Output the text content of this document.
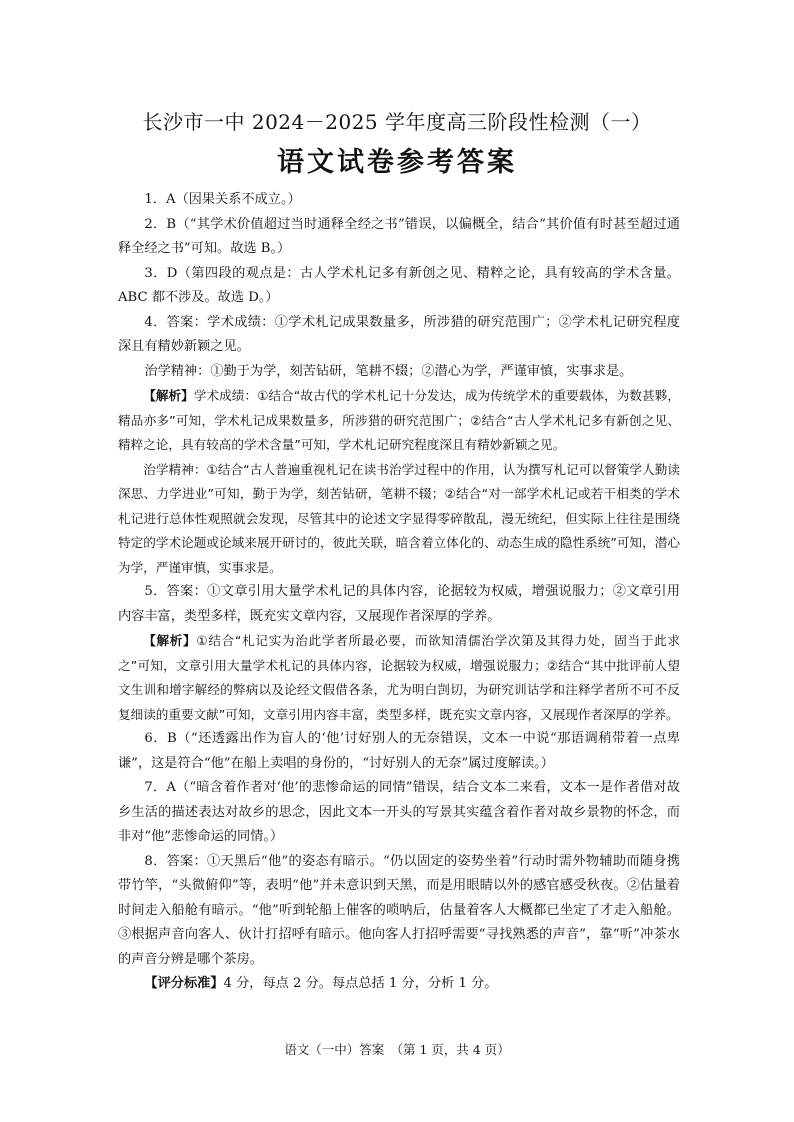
长沙市一中 2024－2025 学年度高三阶段性检测（一）
语文试卷参考答案

1．A（因果关系不成立。）

2．B（“其学术价值超过当时通释全经之书”错误，以偏概全，结合“其价值有时甚至超过通释全经之书”可知。故选 B。）

3．D（第四段的观点是：古人学术札记多有新创之见、精粹之论，具有较高的学术含量。ABC 都不涉及。故选 D。）

4．答案：学术成绩：①学术札记成果数量多，所涉猎的研究范围广；②学术札记研究程度深且有精妙新颖之见。

治学精神：①勤于为学，刻苦钻研，笔耕不辍；②潜心为学，严谨审慎，实事求是。

【解析】学术成绩：①结合“故古代的学术札记十分发达，成为传统学术的重要载体，为数甚夥，精品亦多”可知，学术札记成果数量多，所涉猎的研究范围广；②结合“古人学术札记多有新创之见、精粹之论，具有较高的学术含量”可知，学术札记研究程度深且有精妙新颖之见。

治学精神：①结合“古人普遍重视札记在读书治学过程中的作用，认为撰写札记可以督策学人勤读深思、力学进业”可知，勤于为学，刻苦钻研，笔耕不辍；②结合“对一部学术札记或若干相类的学术札记进行总体性观照就会发现，尽管其中的论述文字显得零碎散乱，漫无统纪，但实际上往往是围绕特定的学术论题或论域来展开研讨的，彼此关联，暗含着立体化的、动态生成的隐性系统”可知，潜心为学，严谨审慎，实事求是。

5．答案：①文章引用大量学术札记的具体内容，论据较为权威，增强说服力；②文章引用内容丰富，类型多样，既充实文章内容，又展现作者深厚的学养。

【解析】①结合“札记实为治此学者所最必要，而欲知清儒治学次第及其得力处，固当于此求之”可知，文章引用大量学术札记的具体内容，论据较为权威，增强说服力；②结合“其中批评前人望文生训和增字解经的弊病以及论经文假借各条，尤为明白剀切，为研究训诂学和注释学者所不可不反复细读的重要文献”可知，文章引用内容丰富，类型多样，既充实文章内容，又展现作者深厚的学养。

6．B（“还透露出作为盲人的‘他’讨好别人的无奈错误，文本一中说“那语调稍带着一点卑谦”，这是符合“他”在船上卖唱的身份的，“讨好别人的无奈”属过度解读。）

7．A（“暗含着作者对‘他’的悲惨命运的同情”错误，结合文本二来看，文本一是作者借对故乡生活的描述表达对故乡的思念，因此文本一开头的写景其实蕴含着作者对故乡景物的怀念，而非对“他”悲惨命运的同情。）

8．答案：①天黑后“他”的姿态有暗示。“仍以固定的姿势坐着”行动时需外物辅助而随身携带竹竿，“头微俯仰”等，表明“他”并未意识到天黑，而是用眼睛以外的感官感受秋夜。②估量着时间走入船舱有暗示。“他”听到轮船上催客的唢呐后，估量着客人大概都已坐定了才走入船舱。③根据声音向客人、伙计打招呼有暗示。他向客人打招呼需要“寻找熟悉的声音”，靠“听”冲茶水的声音分辨是哪个茶房。

【评分标准】4 分，每点 2 分。每点总括 1 分，分析 1 分。

语文（一中）答案　（第 1 页，共 4 页）
